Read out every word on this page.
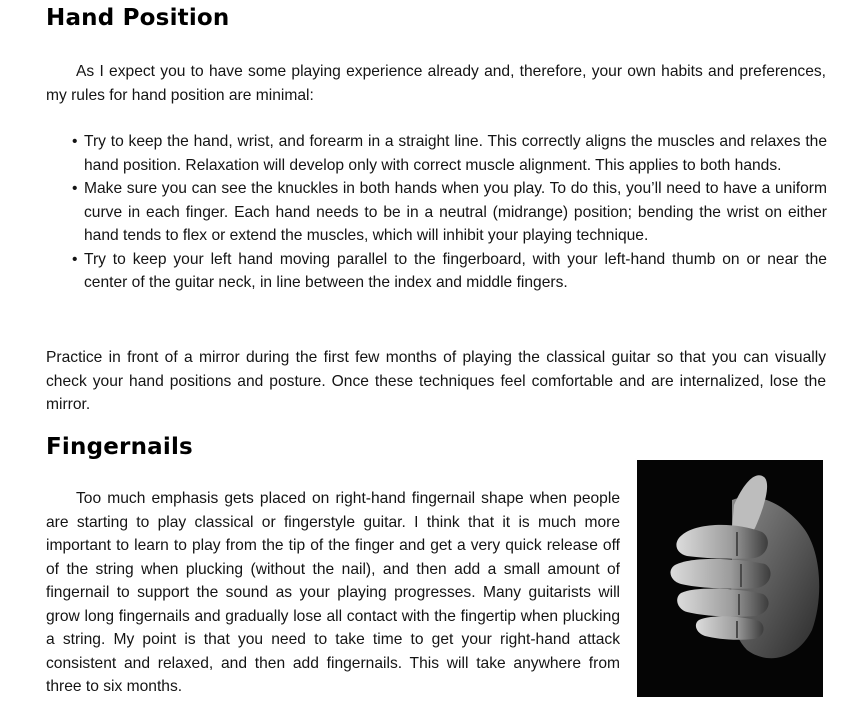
Hand Position

As I expect you to have some playing experience already and, therefore, your own habits and preferences, my rules for hand position are minimal:

• Try to keep the hand, wrist, and forearm in a straight line. This correctly aligns the muscles and relaxes the hand position. Relaxation will develop only with correct muscle alignment. This applies to both hands.
• Make sure you can see the knuckles in both hands when you play. To do this, you’ll need to have a uniform curve in each finger. Each hand needs to be in a neutral (midrange) position; bending the wrist on either hand tends to flex or extend the muscles, which will inhibit your playing technique.
• Try to keep your left hand moving parallel to the fingerboard, with your left-hand thumb on or near the center of the guitar neck, in line between the index and middle fingers.

Practice in front of a mirror during the first few months of playing the classical guitar so that you can visually check your hand positions and posture. Once these techniques feel comfortable and are internalized, lose the mirror.

Fingernails

Too much emphasis gets placed on right-hand fingernail shape when people are starting to play classical or fingerstyle guitar. I think that it is much more important to learn to play from the tip of the finger and get a very quick release off of the string when plucking (without the nail), and then add a small amount of fingernail to support the sound as your playing progresses. Many guitarists will grow long fingernails and gradually lose all contact with the fingertip when plucking a string. My point is that you need to take time to get your right-hand attack consistent and relaxed, and then add fingernails. This will take anywhere from three to six months.
